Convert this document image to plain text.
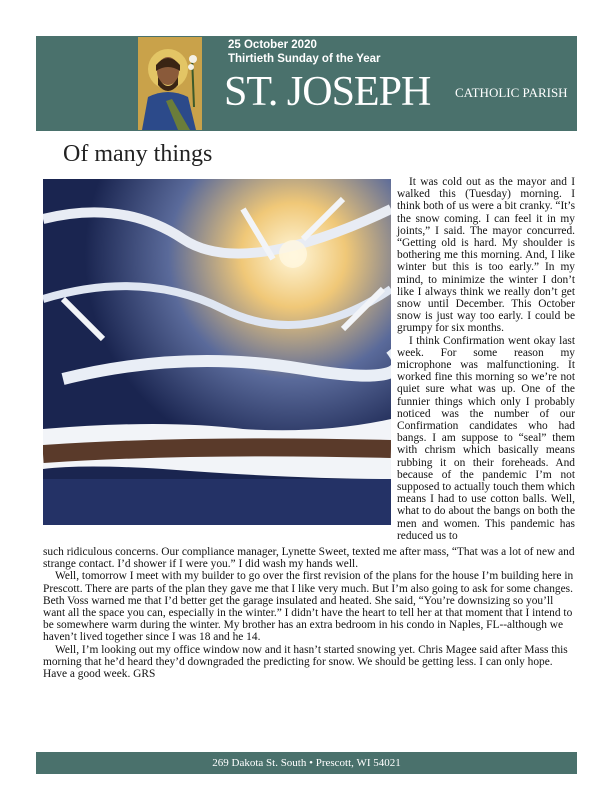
25 October 2020
Thirtieth Sunday of the Year
ST. JOSEPH CATHOLIC PARISH
Of many things

It was cold out as the mayor and I walked this (Tuesday) morning. I think both of us were a bit cranky. “It’s the snow coming. I can feel it in my joints,” I said. The mayor concurred. “Getting old is hard. My shoulder is bothering me this morning. And, I like winter but this is too early.” In my mind, to minimize the winter I don’t like I always think we really don’t get snow until December. This October snow is just way too early. I could be grumpy for six months.

I think Confirmation went okay last week. For some reason my microphone was malfunctioning. It worked fine this morning so we’re not quiet sure what was up. One of the funnier things which only I probably noticed was the number of our Confirmation candidates who had bangs. I am suppose to “seal” them with chrism which basically means rubbing it on their foreheads. And because of the pandemic I’m not supposed to actually touch them which means I had to use cotton balls. Well, what to do about the bangs on both the men and women. This pandemic has reduced us to

such ridiculous concerns. Our compliance manager, Lynette Sweet, texted me after mass, “That was a lot of new and strange contact. I’d shower if I were you.” I did wash my hands well.

Well, tomorrow I meet with my builder to go over the first revision of the plans for the house I’m building here in Prescott. There are parts of the plan they gave me that I like very much. But I’m also going to ask for some changes. Beth Voss warned me that I’d better get the garage insulated and heated. She said, “You’re downsizing so you’ll want all the space you can, especially in the winter.” I didn’t have the heart to tell her at that moment that I intend to be somewhere warm during the winter. My brother has an extra bedroom in his condo in Naples, FL--although we haven’t lived together since I was 18 and he 14.

Well, I’m looking out my office window now and it hasn’t started snowing yet. Chris Magee said after Mass this morning that he’d heard they’d downgraded the predicting for snow. We should be getting less. I can only hope. Have a good week. GRS

269 Dakota St. South • Prescott, WI 54021
